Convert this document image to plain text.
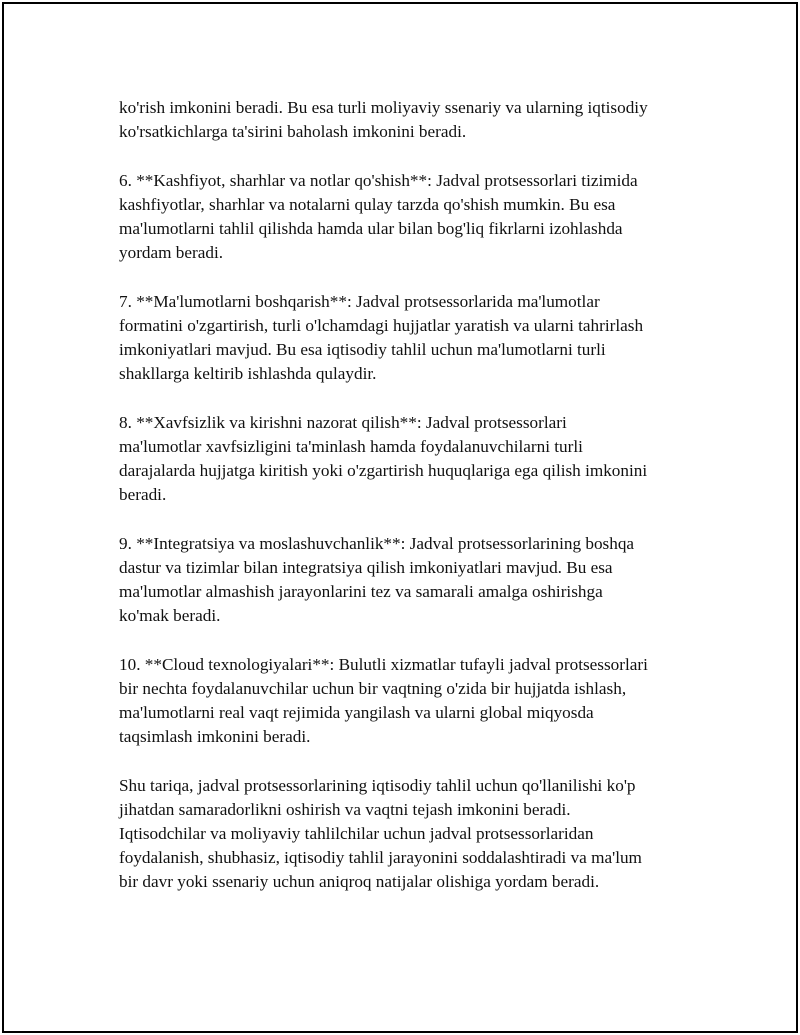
ko'rish imkonini beradi. Bu esa turli moliyaviy ssenariy va ularning iqtisodiy
ko'rsatkichlarga ta'sirini baholash imkonini beradi.

6. **Kashfiyot, sharhlar va notlar qo'shish**: Jadval protsessorlari tizimida
kashfiyotlar, sharhlar va notalarni qulay tarzda qo'shish mumkin. Bu esa
ma'lumotlarni tahlil qilishda hamda ular bilan bog'liq fikrlarni izohlashda
yordam beradi.

7. **Ma'lumotlarni boshqarish**: Jadval protsessorlarida ma'lumotlar
formatini o'zgartirish, turli o'lchamdagi hujjatlar yaratish va ularni tahrirlash
imkoniyatlari mavjud. Bu esa iqtisodiy tahlil uchun ma'lumotlarni turli
shakllarga keltirib ishlashda qulaydir.

8. **Xavfsizlik va kirishni nazorat qilish**: Jadval protsessorlari
ma'lumotlar xavfsizligini ta'minlash hamda foydalanuvchilarni turli
darajalarda hujjatga kiritish yoki o'zgartirish huquqlariga ega qilish imkonini
beradi.

9. **Integratsiya va moslashuvchanlik**: Jadval protsessorlarining boshqa
dastur va tizimlar bilan integratsiya qilish imkoniyatlari mavjud. Bu esa
ma'lumotlar almashish jarayonlarini tez va samarali amalga oshirishga
ko'mak beradi.

10. **Cloud texnologiyalari**: Bulutli xizmatlar tufayli jadval protsessorlari
bir nechta foydalanuvchilar uchun bir vaqtning o'zida bir hujjatda ishlash,
ma'lumotlarni real vaqt rejimida yangilash va ularni global miqyosda
taqsimlash imkonini beradi.

Shu tariqa, jadval protsessorlarining iqtisodiy tahlil uchun qo'llanilishi ko'p
jihatdan samaradorlikni oshirish va vaqtni tejash imkonini beradi.
Iqtisodchilar va moliyaviy tahlilchilar uchun jadval protsessorlaridan
foydalanish, shubhasiz, iqtisodiy tahlil jarayonini soddalashtiradi va ma'lum
bir davr yoki ssenariy uchun aniqroq natijalar olishiga yordam beradi.
